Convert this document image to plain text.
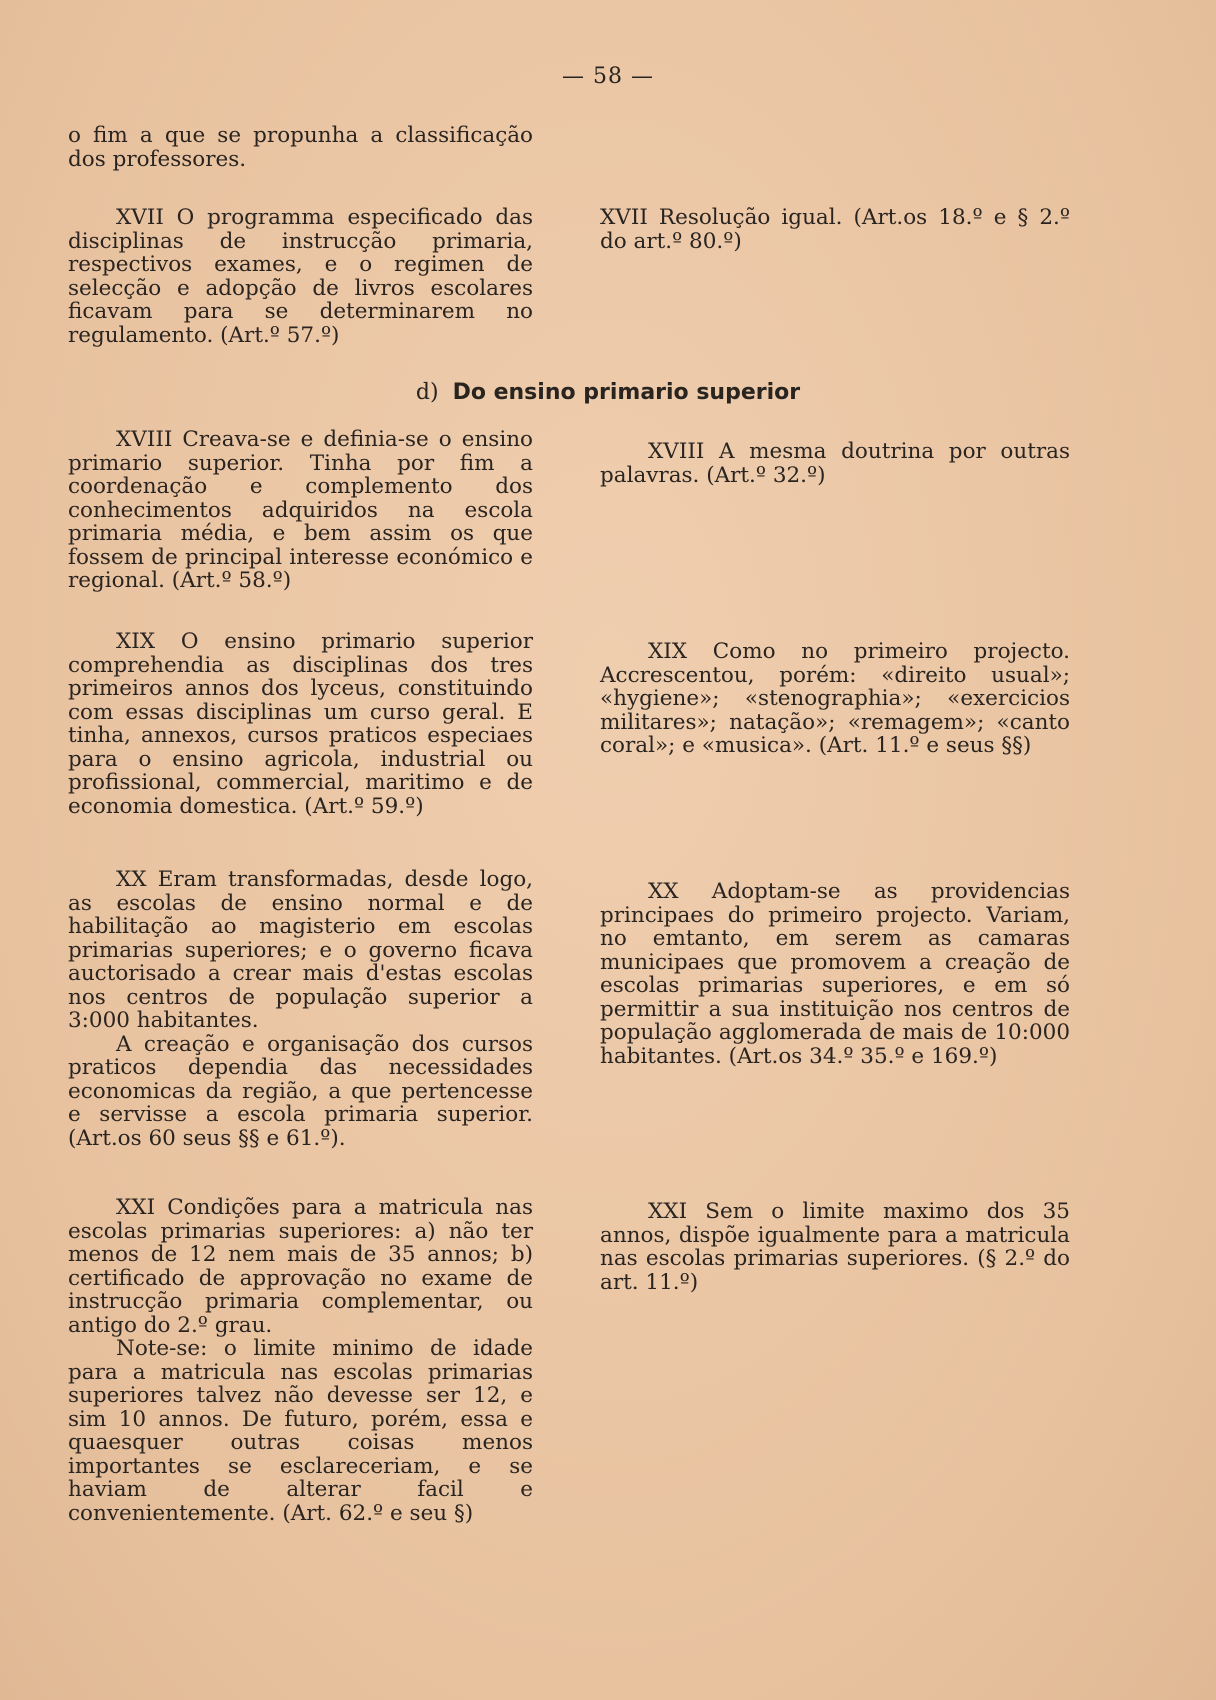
— 58 —

o fim a que se propunha a classificação dos professores.

XVII O programma especificado das disciplinas de instrucção primaria, respectivos exames, e o regimen de selecção e adopção de livros escolares ficavam para se determinarem no regulamento. (Art.º 57.º)

XVII Resolução igual. (Art.os 18.º e § 2.º do art.º 80.º)

d) Do ensino primario superior

XVIII Creava-se e definia-se o ensino primario superior. Tinha por fim a coordenação e complemento dos conhecimentos adquiridos na escola primaria média, e bem assim os que fossem de principal interesse económico e regional. (Art.º 58.º)

XVIII A mesma doutrina por outras palavras. (Art.º 32.º)

XIX O ensino primario superior comprehendia as disciplinas dos tres primeiros annos dos lyceus, constituindo com essas disciplinas um curso geral. E tinha, annexos, cursos praticos especiaes para o ensino agricola, industrial ou profissional, commercial, maritimo e de economia domestica. (Art.º 59.º)

XIX Como no primeiro projecto. Accrescentou, porém: «direito usual»; «hygiene»; «stenographia»; «exercicios militares»; natação»; «remagem»; «canto coral»; e «musica». (Art. 11.º e seus §§)

XX Eram transformadas, desde logo, as escolas de ensino normal e de habilitação ao magisterio em escolas primarias superiores; e o governo ficava auctorisado a crear mais d'estas escolas nos centros de população superior a 3:000 habitantes.

A creação e organisação dos cursos praticos dependia das necessidades economicas da região, a que pertencesse e servisse a escola primaria superior. (Art.os 60 seus §§ e 61.º).

XX Adoptam-se as providencias principaes do primeiro projecto. Variam, no emtanto, em serem as camaras municipaes que promovem a creação de escolas primarias superiores, e em só permittir a sua instituição nos centros de população agglomerada de mais de 10:000 habitantes. (Art.os 34.º 35.º e 169.º)

XXI Condições para a matricula nas escolas primarias superiores: a) não ter menos de 12 nem mais de 35 annos; b) certificado de approvação no exame de instrucção primaria complementar, ou antigo do 2.º grau.

Note-se: o limite minimo de idade para a matricula nas escolas primarias superiores talvez não devesse ser 12, e sim 10 annos. De futuro, porém, essa e quaesquer outras coisas menos importantes se esclareceriam, e se haviam de alterar facil e convenientemente. (Art. 62.º e seu §)

XXI Sem o limite maximo dos 35 annos, dispõe igualmente para a matricula nas escolas primarias superiores. (§ 2.º do art. 11.º)
